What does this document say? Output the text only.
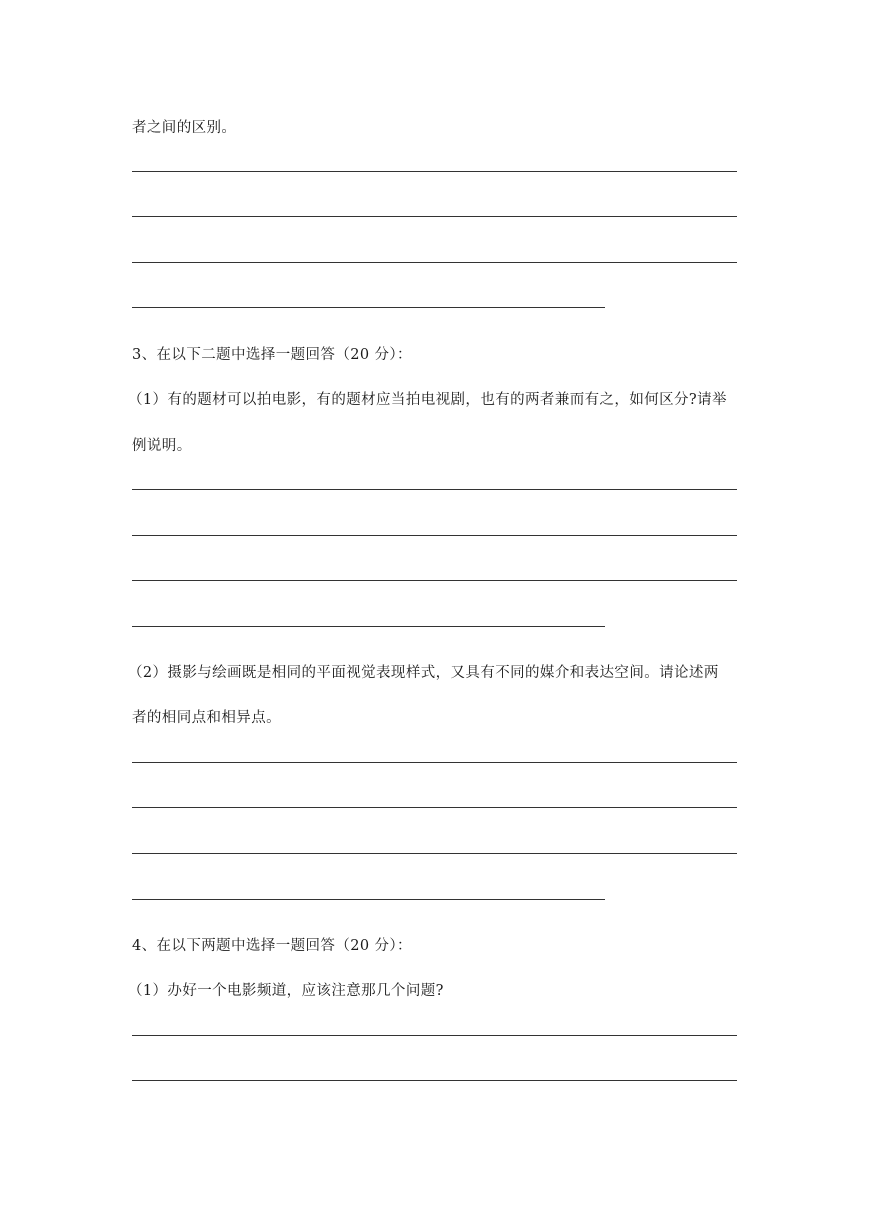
者之间的区别。
3、在以下二题中选择一题回答（20 分）：
（1）有的题材可以拍电影，有的题材应当拍电视剧，也有的两者兼而有之，如何区分?请举
例说明。
（2）摄影与绘画既是相同的平面视觉表现样式，又具有不同的媒介和表达空间。请论述两
者的相同点和相异点。
4、在以下两题中选择一题回答（20 分）：
（1）办好一个电影频道，应该注意那几个问题?
